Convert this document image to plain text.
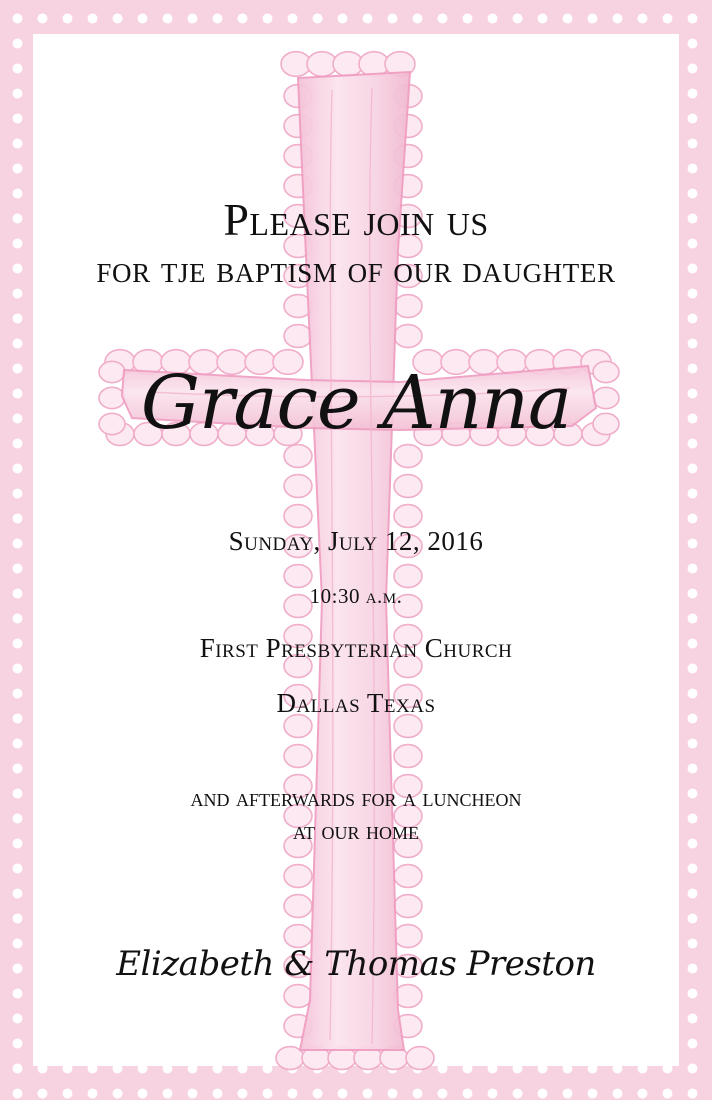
Please join us
for tje baptism of our daughter
Grace Anna
Sunday, July 12, 2016
10:30 a.m.
First Presbyterian Church
Dallas Texas
and afterwards for a luncheon
at our home
Elizabeth & Thomas Preston
